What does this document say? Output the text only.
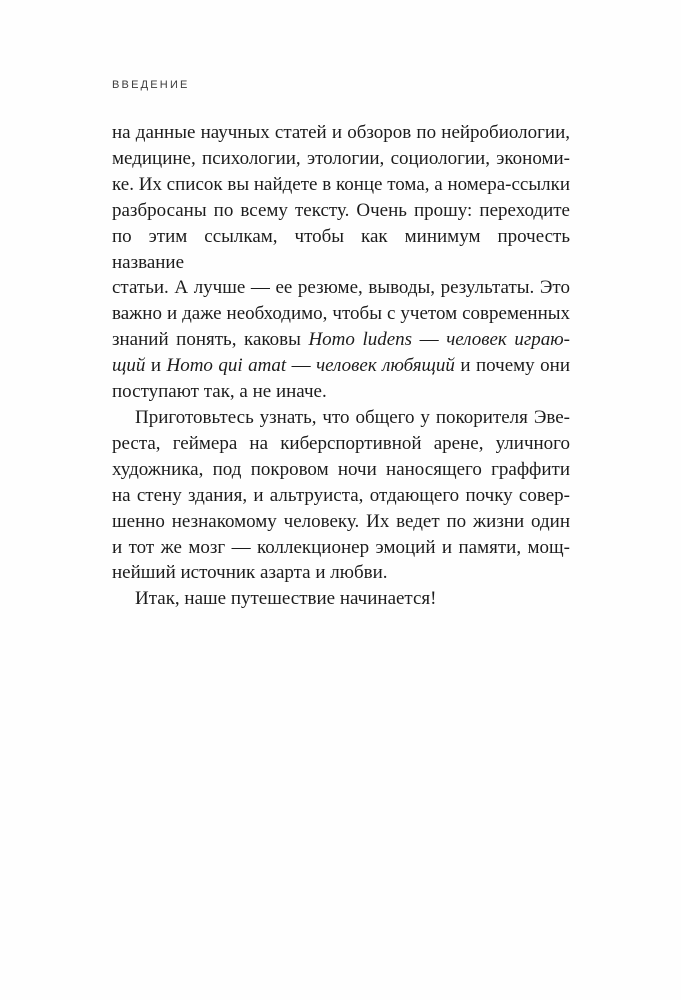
ВВЕДЕНИЕ
на данные научных статей и обзоров по нейробиологии,
медицине, психологии, этологии, социологии, экономи-
ке. Их список вы найдете в конце тома, а номера-ссылки
разбросаны по всему тексту. Очень прошу: переходите
по этим ссылкам, чтобы как минимум прочесть название
статьи. А лучше — ее резюме, выводы, результаты. Это
важно и даже необходимо, чтобы с учетом современных
знаний понять, каковы Homo ludens — человек играю-
щий и Homo qui amat — человек любящий и почему они
поступают так, а не иначе.
Приготовьтесь узнать, что общего у покорителя Эве-
реста, геймера на киберспортивной арене, уличного
художника, под покровом ночи наносящего граффити
на стену здания, и альтруиста, отдающего почку совер-
шенно незнакомому человеку. Их ведет по жизни один
и тот же мозг — коллекционер эмоций и памяти, мощ-
нейший источник азарта и любви.
Итак, наше путешествие начинается!
